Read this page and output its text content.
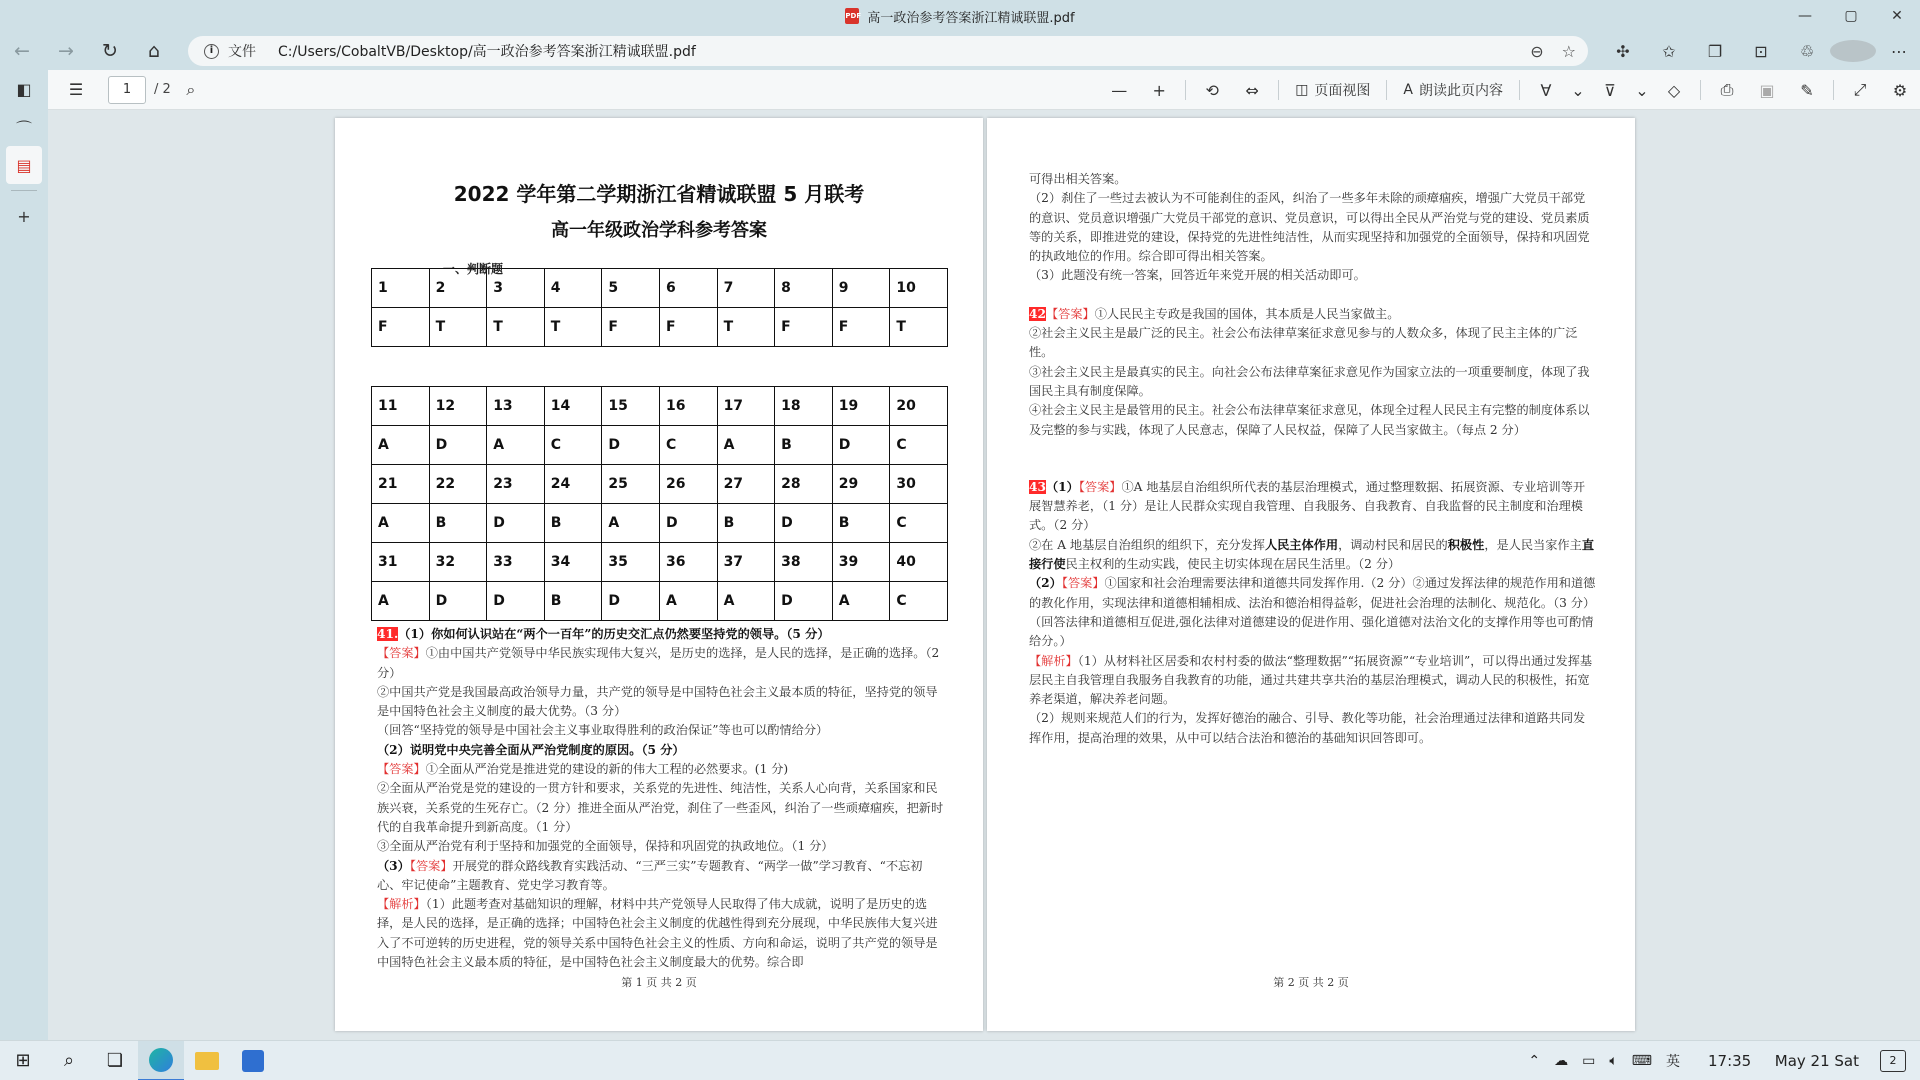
PDF 高一政治参考答案浙江精诚联盟.pdf	—	▢	✕
← → ↻ ⌂	i	文件 C:/Users/CobaltVB/Desktop/高一政治参考答案浙江精诚联盟.pdf	⊖ ☆	✣	✩	❐	⊡	♲	⋯
◧
⌒
▤
+
☰	1	/ 2 ⌕	— + ⟲ ⇔	◫ 页面视图 A 朗读此页内容 ∀ ⌄ ⊽ ⌄ ◇	⎙ ▣ ✎ ⤢ ⚙
2022 学年第二学期浙江省精诚联盟 5 月联考
高一年级政治学科参考答案
一、判断题
1	2	3	4	5	6	7	8	9	10
F	T	T	T	F	F	T	F	F	T
11	12	13	14	15	16	17	18	19	20
A	D	A	C	D	C	A	B	D	C
21	22	23	24	25	26	27	28	29	30
A	B	D	B	A	D	B	D	B	C
31	32	33	34	35	36	37	38	39	40
A	D	D	B	D	A	A	D	A	C
41.（1）你如何认识站在“两个一百年”的历史交汇点仍然要坚持党的领导。（5 分）
【答案】①由中国共产党领导中华民族实现伟大复兴，是历史的选择，是人民的选择，是正确的选择。（2 分）
②中国共产党是我国最高政治领导力量，共产党的领导是中国特色社会主义最本质的特征，坚持党的领导是中国特色社会主义制度的最大优势。（3 分）
（回答“坚持党的领导是中国社会主义事业取得胜利的政治保证”等也可以酌情给分）
（2）说明党中央完善全面从严治党制度的原因。（5 分）
【答案】①全面从严治党是推进党的建设的新的伟大工程的必然要求。(1 分)
②全面从严治党是党的建设的一贯方针和要求，关系党的先进性、纯洁性，关系人心向背，关系国家和民族兴衰，关系党的生死存亡。（2 分）推进全面从严治党，刹住了一些歪风，纠治了一些顽瘴痼疾，把新时代的自我革命提升到新高度。（1 分）
③全面从严治党有利于坚持和加强党的全面领导，保持和巩固党的执政地位。（1 分）
（3）【答案】开展党的群众路线教育实践活动、“三严三实”专题教育、“两学一做”学习教育、“不忘初心、牢记使命”主题教育、党史学习教育等。
【解析】（1）此题考查对基础知识的理解，材料中共产党领导人民取得了伟大成就，说明了是历史的选择，是人民的选择，是正确的选择；中国特色社会主义制度的优越性得到充分展现，中华民族伟大复兴进入了不可逆转的历史进程，党的领导关系中国特色社会主义的性质、方向和命运，说明了共产党的领导是中国特色社会主义最本质的特征，是中国特色社会主义制度最大的优势。综合即
第 1 页 共 2 页
可得出相关答案。
（2）刹住了一些过去被认为不可能刹住的歪风，纠治了一些多年未除的顽瘴痼疾，增强广大党员干部党的意识、党员意识增强广大党员干部党的意识、党员意识，可以得出全民从严治党与党的建设、党员素质等的关系，即推进党的建设，保持党的先进性纯洁性，从而实现坚持和加强党的全面领导，保持和巩固党的执政地位的作用。综合即可得出相关答案。
（3）此题没有统一答案，回答近年来党开展的相关活动即可。
42【答案】①人民民主专政是我国的国体，其本质是人民当家做主。
②社会主义民主是最广泛的民主。社会公布法律草案征求意见参与的人数众多，体现了民主主体的广泛性。
③社会主义民主是最真实的民主。向社会公布法律草案征求意见作为国家立法的一项重要制度，体现了我国民主具有制度保障。
④社会主义民主是最管用的民主。社会公布法律草案征求意见，体现全过程人民民主有完整的制度体系以及完整的参与实践，体现了人民意志，保障了人民权益，保障了人民当家做主。（每点 2 分）
43（1）【答案】①A 地基层自治组织所代表的基层治理模式，通过整理数据、拓展资源、专业培训等开展智慧养老，（1 分）是让人民群众实现自我管理、自我服务、自我教育、自我监督的民主制度和治理模式。（2 分）
②在 A 地基层自治组织的组织下，充分发挥人民主体作用，调动村民和居民的积极性，是人民当家作主直接行使民主权利的生动实践，使民主切实体现在居民生活里。（2 分）
（2）【答案】①国家和社会治理需要法律和道德共同发挥作用.（2 分）②通过发挥法律的规范作用和道德的教化作用，实现法律和道德相辅相成、法治和德治相得益彰，促进社会治理的法制化、规范化。（3 分）（回答法律和道德相互促进,强化法律对道德建设的促进作用、强化道德对法治文化的支撑作用等也可酌情给分。）
【解析】（1）从材料社区居委和农村村委的做法“整理数据”“拓展资源”“专业培训”，可以得出通过发挥基层民主自我管理自我服务自我教育的功能，通过共建共享共治的基层治理模式，调动人民的积极性，拓宽养老渠道，解决养老问题。
（2）规则来规范人们的行为，发挥好德治的融合、引导、教化等功能，社会治理通过法律和道路共同发挥作用，提高治理的效果，从中可以结合法治和德治的基础知识回答即可。
第 2 页 共 2 页
⊞ ⌕ ❏	⌃	☁	▭	🔈︎	⌨	英	17:35 May 21 Sat	2
